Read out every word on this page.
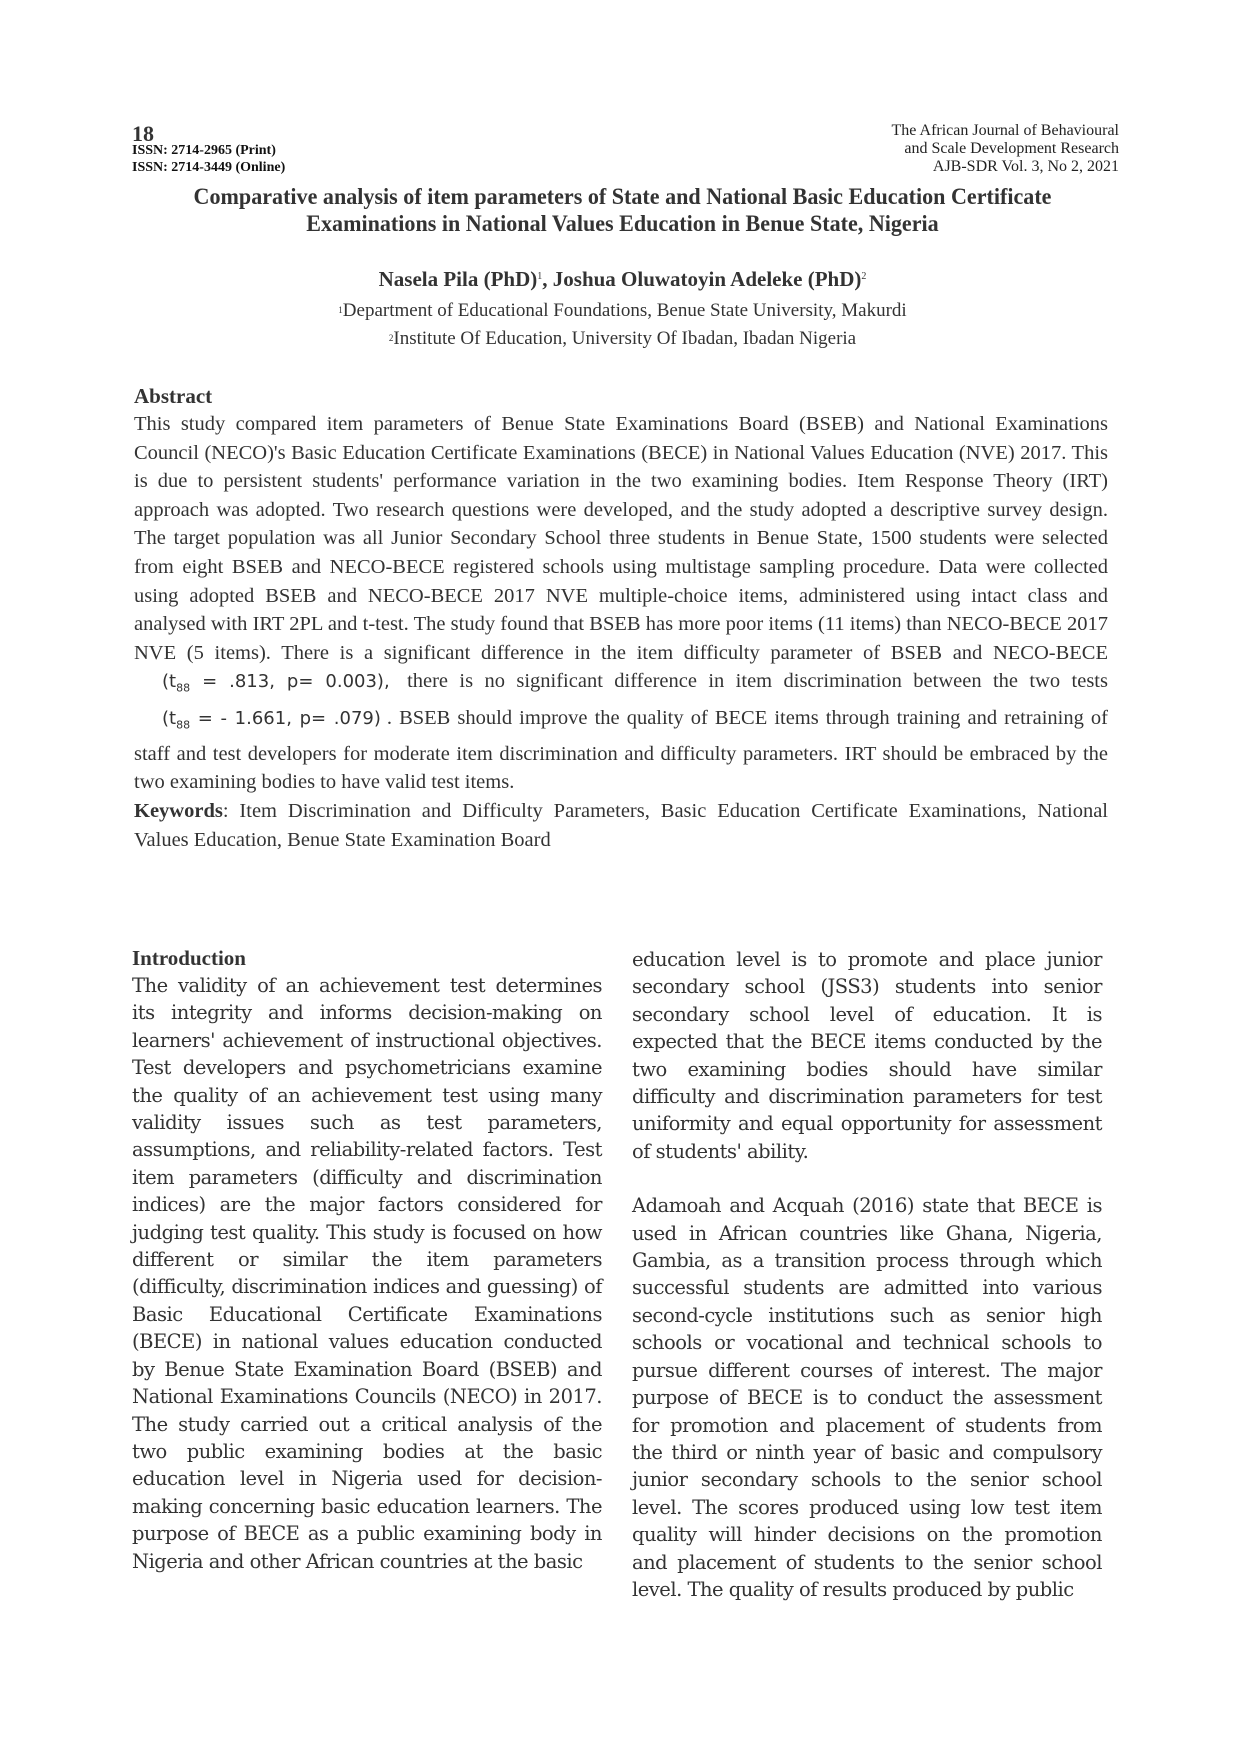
18
ISSN: 2714-2965 (Print)
ISSN: 2714-3449 (Online)
The African Journal of Behavioural
and Scale Development Research
AJB-SDR Vol. 3, No 2, 2021
Comparative analysis of item parameters of State and National Basic Education Certificate
Examinations in National Values Education in Benue State, Nigeria
Nasela Pila (PhD)$^1$, Joshua Oluwatoyin Adeleke (PhD)$^2$
$^1$Department of Educational Foundations, Benue State University, Makurdi
$^2$Institute Of Education, University Of Ibadan, Ibadan Nigeria
Abstract
This study compared item parameters of Benue State Examinations Board (BSEB) and National Examinations Council (NECO)'s Basic Education Certificate Examinations (BECE) in National Values Education (NVE) 2017. This is due to persistent students' performance variation in the two examining bodies. Item Response Theory (IRT) approach was adopted. Two research questions were developed, and the study adopted a descriptive survey design. The target population was all Junior Secondary School three students in Benue State, 1500 students were selected from eight BSEB and NECO-BECE registered schools using multistage sampling procedure. Data were collected using adopted BSEB and NECO-BECE 2017 NVE multiple-choice items, administered using intact class and analysed with IRT 2PL and t-test. The study found that BSEB has more poor items (11 items) than NECO-BECE 2017 NVE (5 items). There is a significant difference in the item difficulty parameter of BSEB and NECO-BECE ($t_{88} = .813$, p= 0.003), there is no significant difference in item discrimination between the two tests ($t_{88}$ = - 1.661, p= .079) . BSEB should improve the quality of BECE items through training and retraining of staff and test developers for moderate item discrimination and difficulty parameters. IRT should be embraced by the two examining bodies to have valid test items.
Keywords: Item Discrimination and Difficulty Parameters, Basic Education Certificate Examinations, National Values Education, Benue State Examination Board
Introduction

The validity of an achievement test determines its integrity and informs decision-making on learners' achievement of instructional objectives. Test developers and psychometricians examine the quality of an achievement test using many validity issues such as test parameters, assumptions, and reliability-related factors. Test item parameters (difficulty and discrimination indices) are the major factors considered for judging test quality. This study is focused on how different or similar the item parameters (difficulty, discrimination indices and guessing) of Basic Educational Certificate Examinations (BECE) in national values education conducted by Benue State Examination Board (BSEB) and National Examinations Councils (NECO) in 2017. The study carried out a critical analysis of the two public examining bodies at the basic education level in Nigeria used for decision-making concerning basic education learners. The purpose of BECE as a public examining body in Nigeria and other African countries at the basic

education level is to promote and place junior secondary school (JSS3) students into senior secondary school level of education. It is expected that the BECE items conducted by the two examining bodies should have similar difficulty and discrimination parameters for test uniformity and equal opportunity for assessment of students' ability.

Adamoah and Acquah (2016) state that BECE is used in African countries like Ghana, Nigeria, Gambia, as a transition process through which successful students are admitted into various second-cycle institutions such as senior high schools or vocational and technical schools to pursue different courses of interest. The major purpose of BECE is to conduct the assessment for promotion and placement of students from the third or ninth year of basic and compulsory junior secondary schools to the senior school level. The scores produced using low test item quality will hinder decisions on the promotion and placement of students to the senior school level. The quality of results produced by public
